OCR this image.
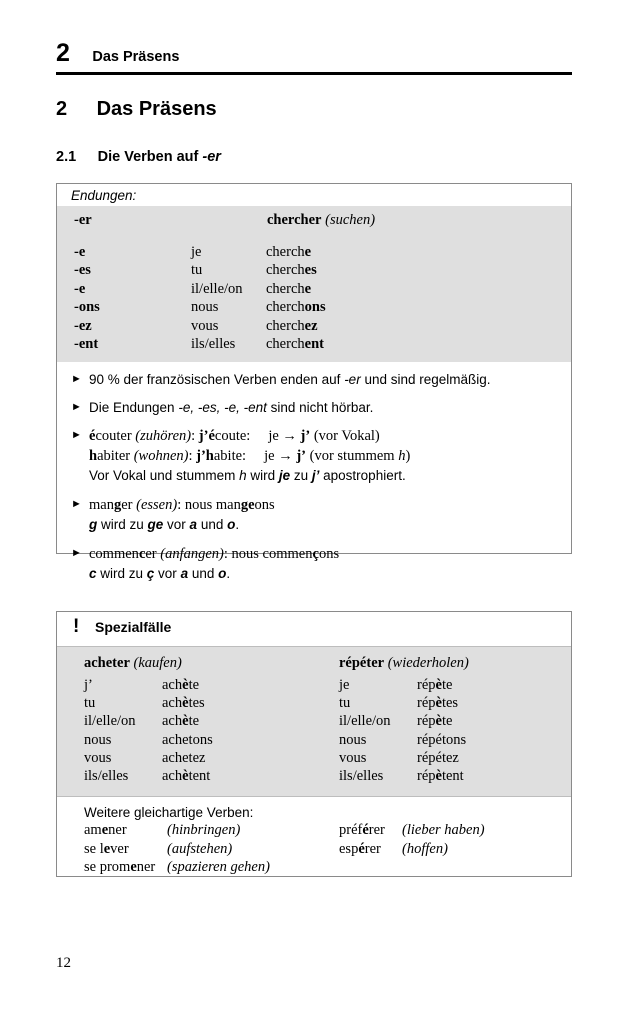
2 Das Präsens
2 Das Präsens
2.1 Die Verben auf -er
Endungen:
-er	chercher (suchen)
-e	je	cherche
-es	tu	cherches
-e	il/elle/on cherche
-ons	nous	cherchons
-ez	vous	cherchez
-ent	ils/elles cherchent
► 90 % der französischen Verben enden auf -er und sind regelmäßig.
► Die Endungen -e, -es, -e, -ent sind nicht hörbar.
► écouter (zuhören): j’écoute: je → j’ (vor Vokal)
habiter (wohnen): j’habite: je → j’ (vor stummem h)
Vor Vokal und stummem h wird je zu j’ apostrophiert.
► manger (essen): nous mangeons
g wird zu ge vor a und o.
► commencer (anfangen): nous commençons
c wird zu ç vor a und o.
! Spezialfälle
acheter (kaufen)	répéter (wiederholen)
j’	achète	je	répète
tu	achètes	tu	répètes
il/elle/on achète	il/elle/on répète
nous	achetons	nous	répétons
vous	achetez	vous	répétez
ils/elles achètent	ils/elles répètent
Weitere gleichartige Verben:
amener	(hinbringen)	préférer (lieber haben)
se lever	(aufstehen)	espérer (hoffen)
se promener (spazieren gehen)
12
